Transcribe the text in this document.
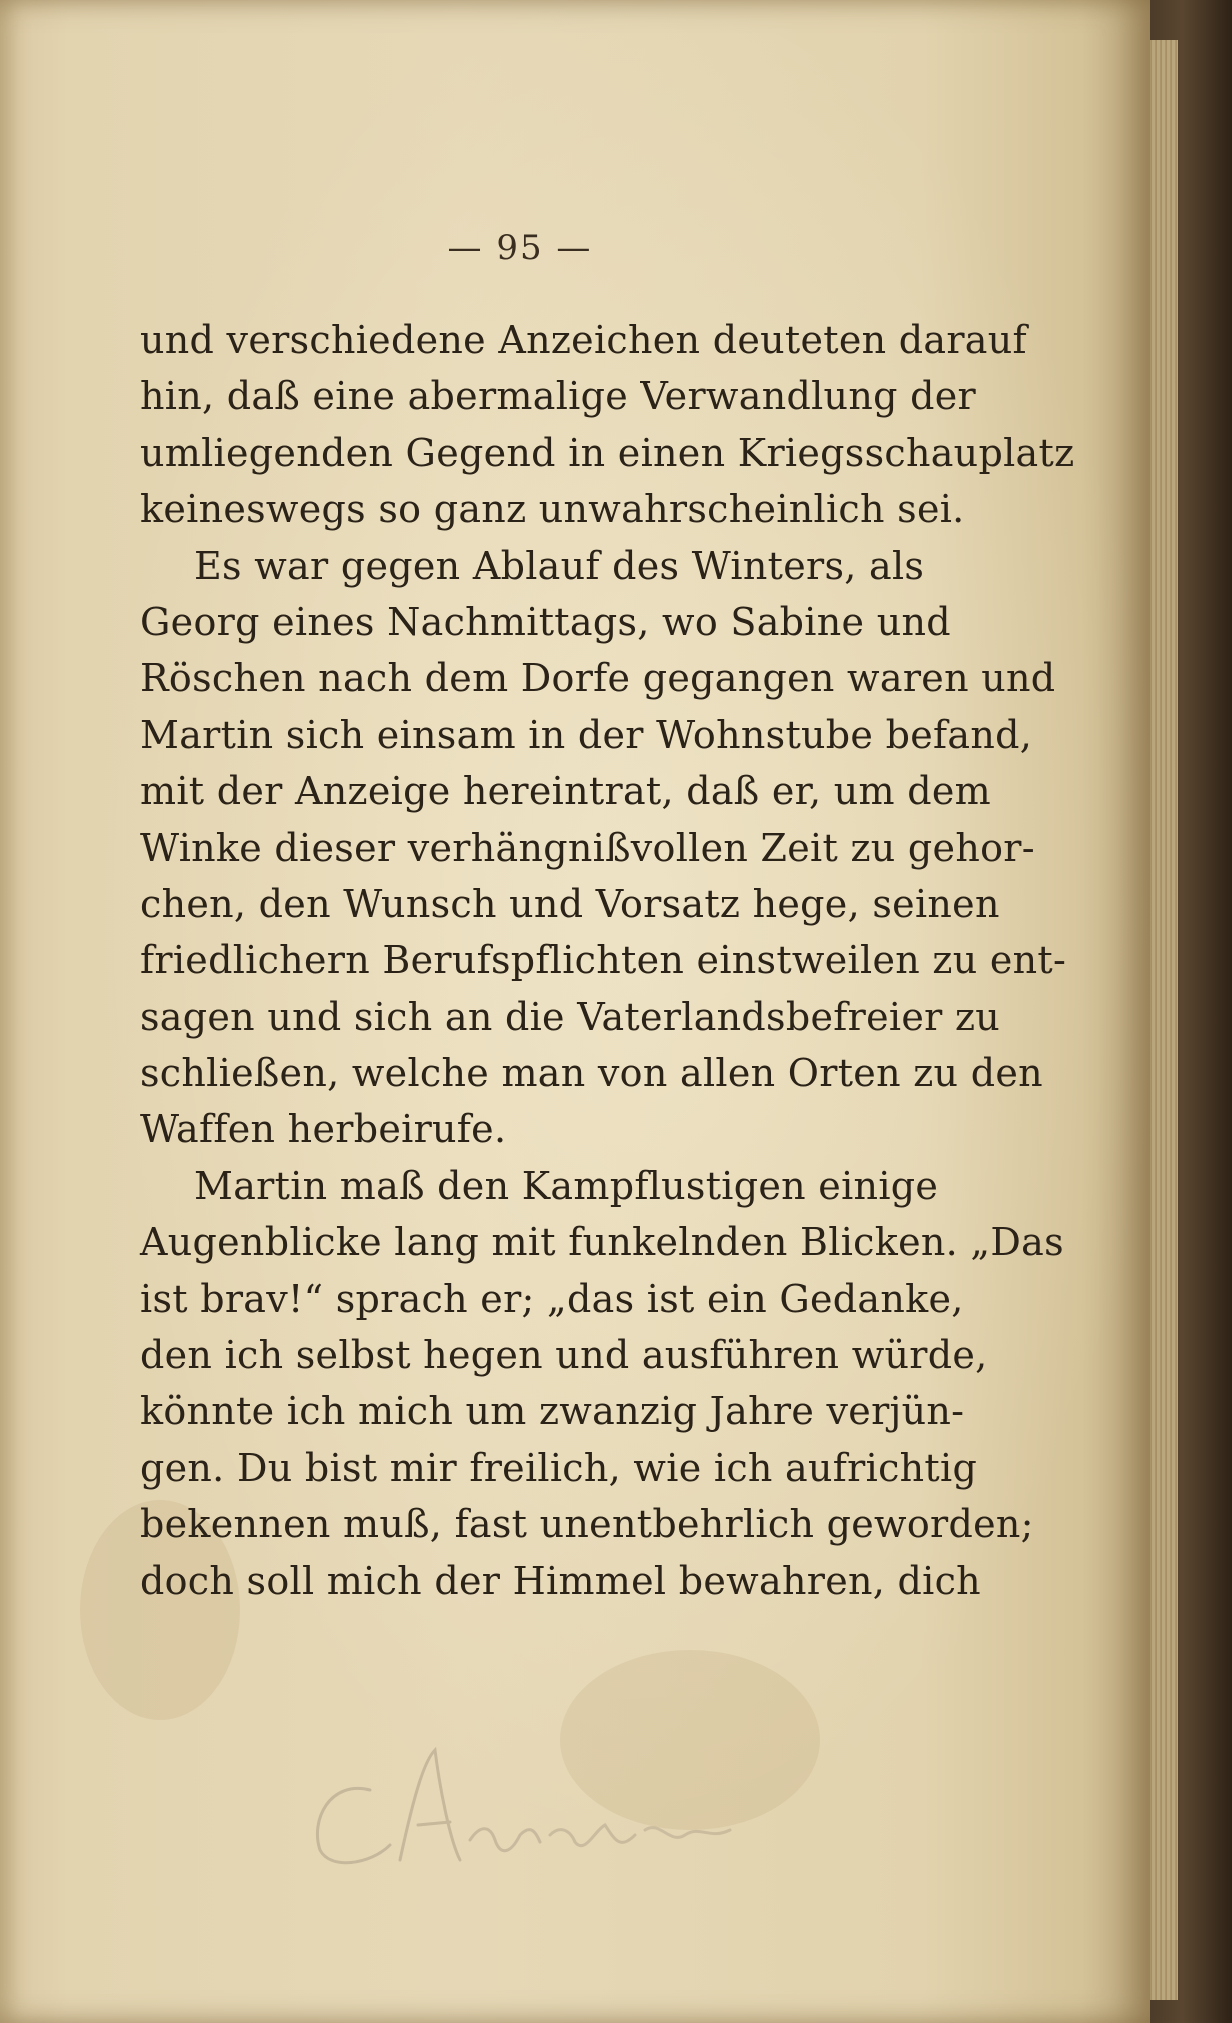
— 95 —
und verschiedene Anzeichen deuteten darauf
hin, daß eine abermalige Verwandlung der
umliegenden Gegend in einen Kriegsschauplatz
keineswegs so ganz unwahrscheinlich sei.
Es war gegen Ablauf des Winters, als
Georg eines Nachmittags, wo Sabine und
Röschen nach dem Dorfe gegangen waren und
Martin sich einsam in der Wohnstube befand,
mit der Anzeige hereintrat, daß er, um dem
Winke dieser verhängnißvollen Zeit zu gehor-
chen, den Wunsch und Vorsatz hege, seinen
friedlichern Berufspflichten einstweilen zu ent-
sagen und sich an die Vaterlandsbefreier zu
schließen, welche man von allen Orten zu den
Waffen herbeirufe.
Martin maß den Kampflustigen einige
Augenblicke lang mit funkelnden Blicken. „Das
ist brav!“ sprach er; „das ist ein Gedanke,
den ich selbst hegen und ausführen würde,
könnte ich mich um zwanzig Jahre verjün-
gen. Du bist mir freilich, wie ich aufrichtig
bekennen muß, fast unentbehrlich geworden;
doch soll mich der Himmel bewahren, dich
